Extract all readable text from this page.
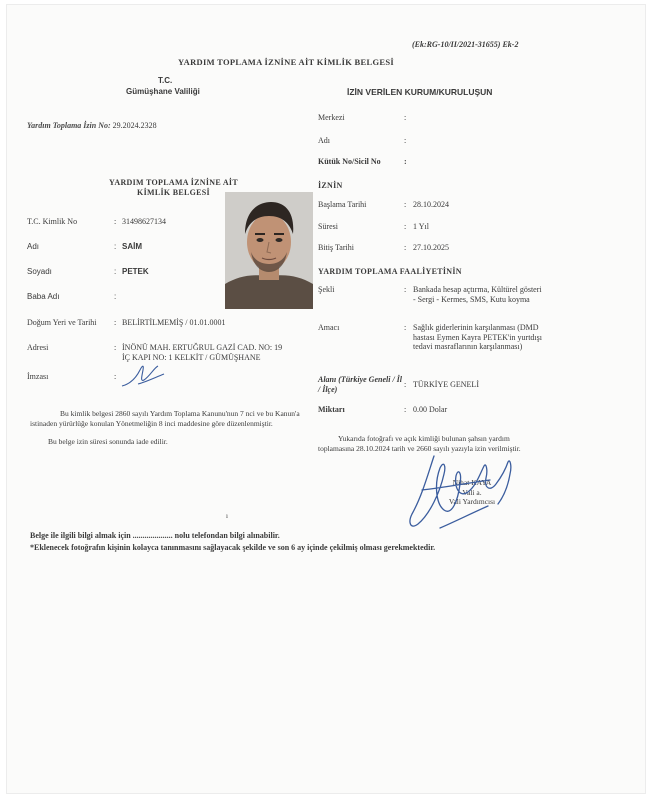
(Ek:RG-10/II/2021-31655) Ek-2
YARDIM TOPLAMA İZNİNE AİT KİMLİK BELGESİ
T.C.
Gümüşhane Valiliği	İZİN VERİLEN KURUM/KURULUŞUN
Yardım Toplama İzin No: 29.2024.2328
YARDIM TOPLAMA İZNİNE AİT KİMLİK BELGESİ
T.C. Kimlik No	: 31498627134
Adı	: SAİM
Soyadı	: PETEK
Baba Adı	:
Doğum Yeri ve Tarihi : BELİRTİLMEMİŞ / 01.01.0001
Adresi	: İNÖNÜ MAH. ERTUĞRUL GAZİ CAD. NO: 19
İÇ KAPI NO: 1 KELKİT / GÜMÜŞHANE
İmzası	:
Bu kimlik belgesi 2860 sayılı Yardım Toplama Kanunu'nun 7 nci ve bu Kanun'a istinaden yürürlüğe konulan Yönetmeliğin 8 inci maddesine göre düzenlenmiştir.
Bu belge izin süresi sonunda iade edilir.
Merkezi	:
Adı	:
Kütük No/Sicil No	:
İZNİN
Başlama Tarihi	: 28.10.2024
Süresi	: 1 Yıl
Bitiş Tarihi	: 27.10.2025
YARDIM TOPLAMA FAALİYETİNİN
Şekli	: Bankada hesap açtırma, Kültürel gösteri - Sergi - Kermes, SMS, Kutu koyma
Amacı	: Sağlık giderlerinin karşılanması (DMD hastası Eymen Kayra PETEK'in yurtdışı tedavi masraflarının karşılanması)
Alanı (Türkiye Geneli / İl / İlçe)	: TÜRKİYE GENELİ
Miktarı	: 0.00 Dolar
Yukarıda fotoğrafı ve açık kimliği bulunan şahsın yardım toplamasına 28.10.2024 tarih ve 2660 sayılı yazıyla izin verilmiştir.
Nihat KAYA
Vali a.
Vali Yardımcısı
ı
Belge ile ilgili bilgi almak için .................... nolu telefondan bilgi alınabilir.
*Eklenecek fotoğrafın kişinin kolayca tanınmasını sağlayacak şekilde ve son 6 ay içinde çekilmiş olması gerekmektedir.
